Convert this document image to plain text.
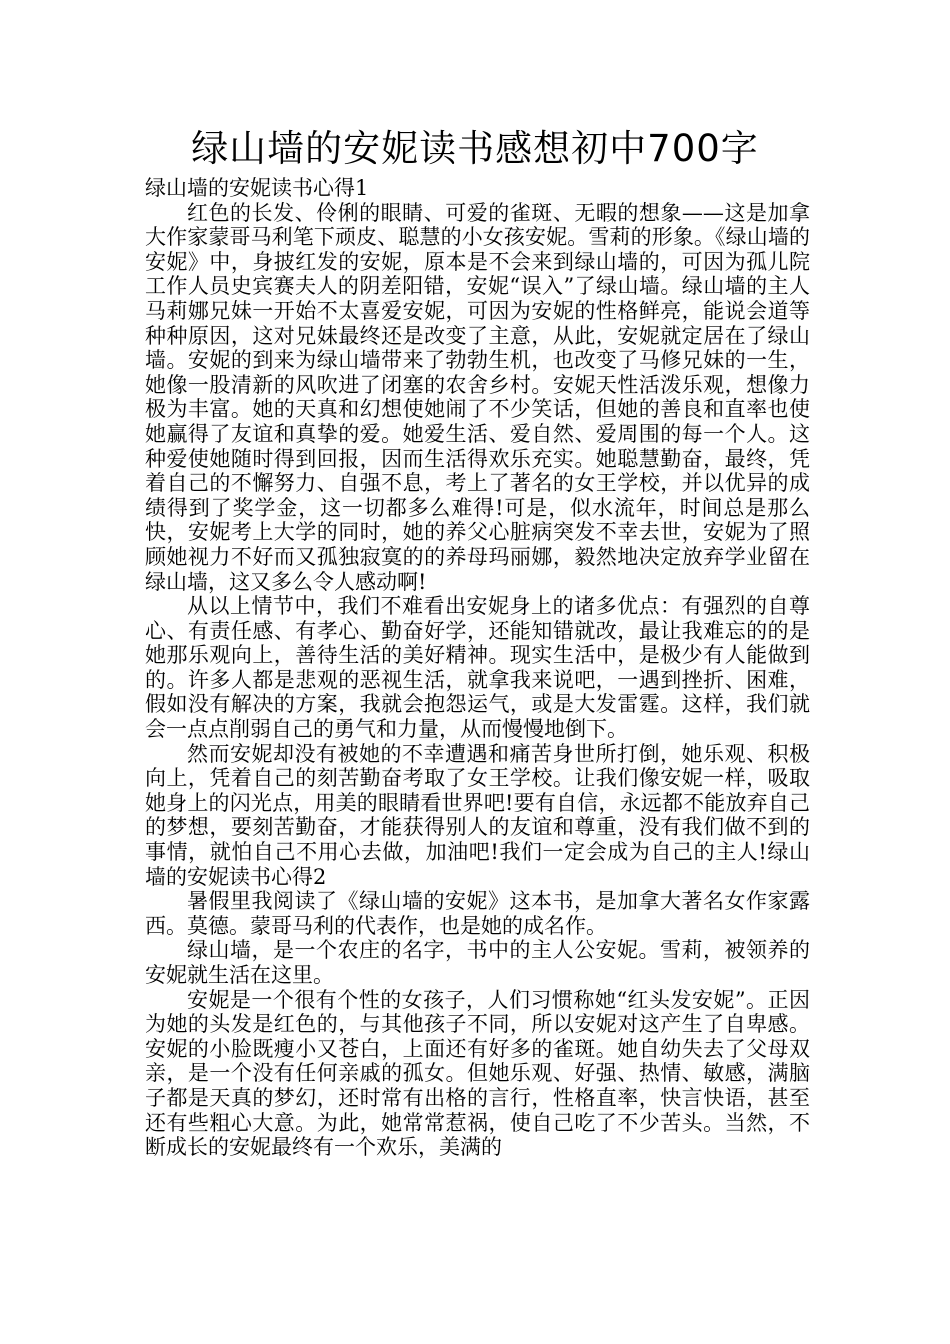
绿山墙的安妮读书感想初中700字

绿山墙的安妮读书心得1

红色的长发、伶俐的眼睛、可爱的雀斑、无暇的想象——这是加拿大作家蒙哥马利笔下顽皮、聪慧的小女孩安妮。雪莉的形象。《绿山墙的安妮》中，身披红发的安妮，原本是不会来到绿山墙的，可因为孤儿院工作人员史宾赛夫人的阴差阳错，安妮“误入”了绿山墙。绿山墙的主人马莉娜兄妹一开始不太喜爱安妮，可因为安妮的性格鲜亮，能说会道等种种原因，这对兄妹最终还是改变了主意，从此，安妮就定居在了绿山墙。安妮的到来为绿山墙带来了勃勃生机，也改变了马修兄妹的一生，她像一股清新的风吹进了闭塞的农舍乡村。安妮天性活泼乐观，想像力极为丰富。她的天真和幻想使她闹了不少笑话，但她的善良和直率也使她赢得了友谊和真挚的爱。她爱生活、爱自然、爱周围的每一个人。这种爱使她随时得到回报，因而生活得欢乐充实。她聪慧勤奋，最终，凭着自己的不懈努力、自强不息，考上了著名的女王学校，并以优异的成绩得到了奖学金，这一切都多么难得!可是，似水流年，时间总是那么快，安妮考上大学的同时，她的养父心脏病突发不幸去世，安妮为了照顾她视力不好而又孤独寂寞的的养母玛丽娜，毅然地决定放弃学业留在绿山墙，这又多么令人感动啊!

从以上情节中，我们不难看出安妮身上的诸多优点：有强烈的自尊心、有责任感、有孝心、勤奋好学，还能知错就改，最让我难忘的的是她那乐观向上，善待生活的美好精神。现实生活中，是极少有人能做到的。许多人都是悲观的恶视生活，就拿我来说吧，一遇到挫折、困难，假如没有解决的方案，我就会抱怨运气，或是大发雷霆。这样，我们就会一点点削弱自己的勇气和力量，从而慢慢地倒下。

然而安妮却没有被她的不幸遭遇和痛苦身世所打倒，她乐观、积极向上，凭着自己的刻苦勤奋考取了女王学校。让我们像安妮一样，吸取她身上的闪光点，用美的眼睛看世界吧!要有自信，永远都不能放弃自己的梦想，要刻苦勤奋，才能获得别人的友谊和尊重，没有我们做不到的事情，就怕自己不用心去做，加油吧!我们一定会成为自己的主人!绿山墙的安妮读书心得2

暑假里我阅读了《绿山墙的安妮》这本书，是加拿大著名女作家露西。莫德。蒙哥马利的代表作，也是她的成名作。

绿山墙，是一个农庄的名字，书中的主人公安妮。雪莉，被领养的安妮就生活在这里。

安妮是一个很有个性的女孩子，人们习惯称她“红头发安妮”。正因为她的头发是红色的，与其他孩子不同，所以安妮对这产生了自卑感。安妮的小脸既瘦小又苍白，上面还有好多的雀斑。她自幼失去了父母双亲，是一个没有任何亲戚的孤女。但她乐观、好强、热情、敏感，满脑子都是天真的梦幻，还时常有出格的言行，性格直率，快言快语，甚至还有些粗心大意。为此，她常常惹祸，使自己吃了不少苦头。当然，不断成长的安妮最终有一个欢乐，美满的
